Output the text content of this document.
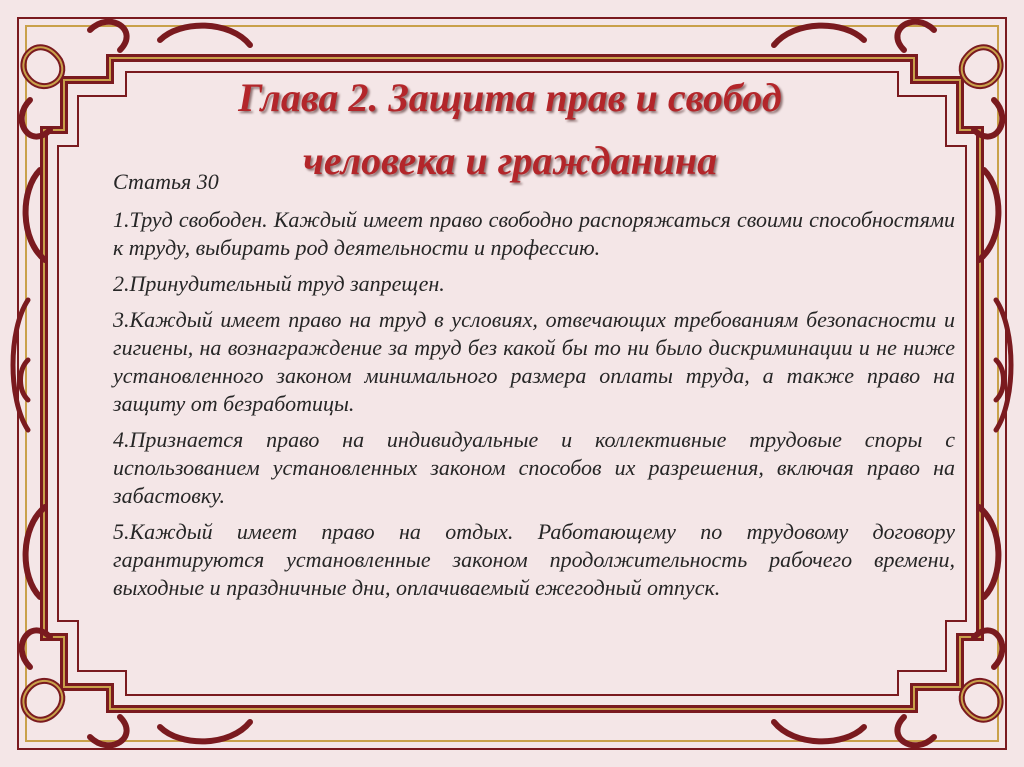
Глава 2. Защита прав и свобод
человека и гражданина
Статья 30

1.Труд свободен. Каждый имеет право свободно распоряжаться своими способностями к труду, выбирать род деятельности и профессию.

2.Принудительный труд запрещен.

3.Каждый имеет право на труд в условиях, отвечающих требованиям безопасности и гигиены, на вознаграждение за труд без какой бы то ни было дискриминации и не ниже установленного законом минимального размера оплаты труда, а также право на защиту от безработицы.

4.Признается право на индивидуальные и коллективные трудовые споры с использованием установленных законом способов их разрешения, включая право на забастовку.

5.Каждый имеет право на отдых. Работающему по трудовому договору гарантируются установленные законом продолжительность рабочего времени, выходные и праздничные дни, оплачиваемый ежегодный отпуск.
